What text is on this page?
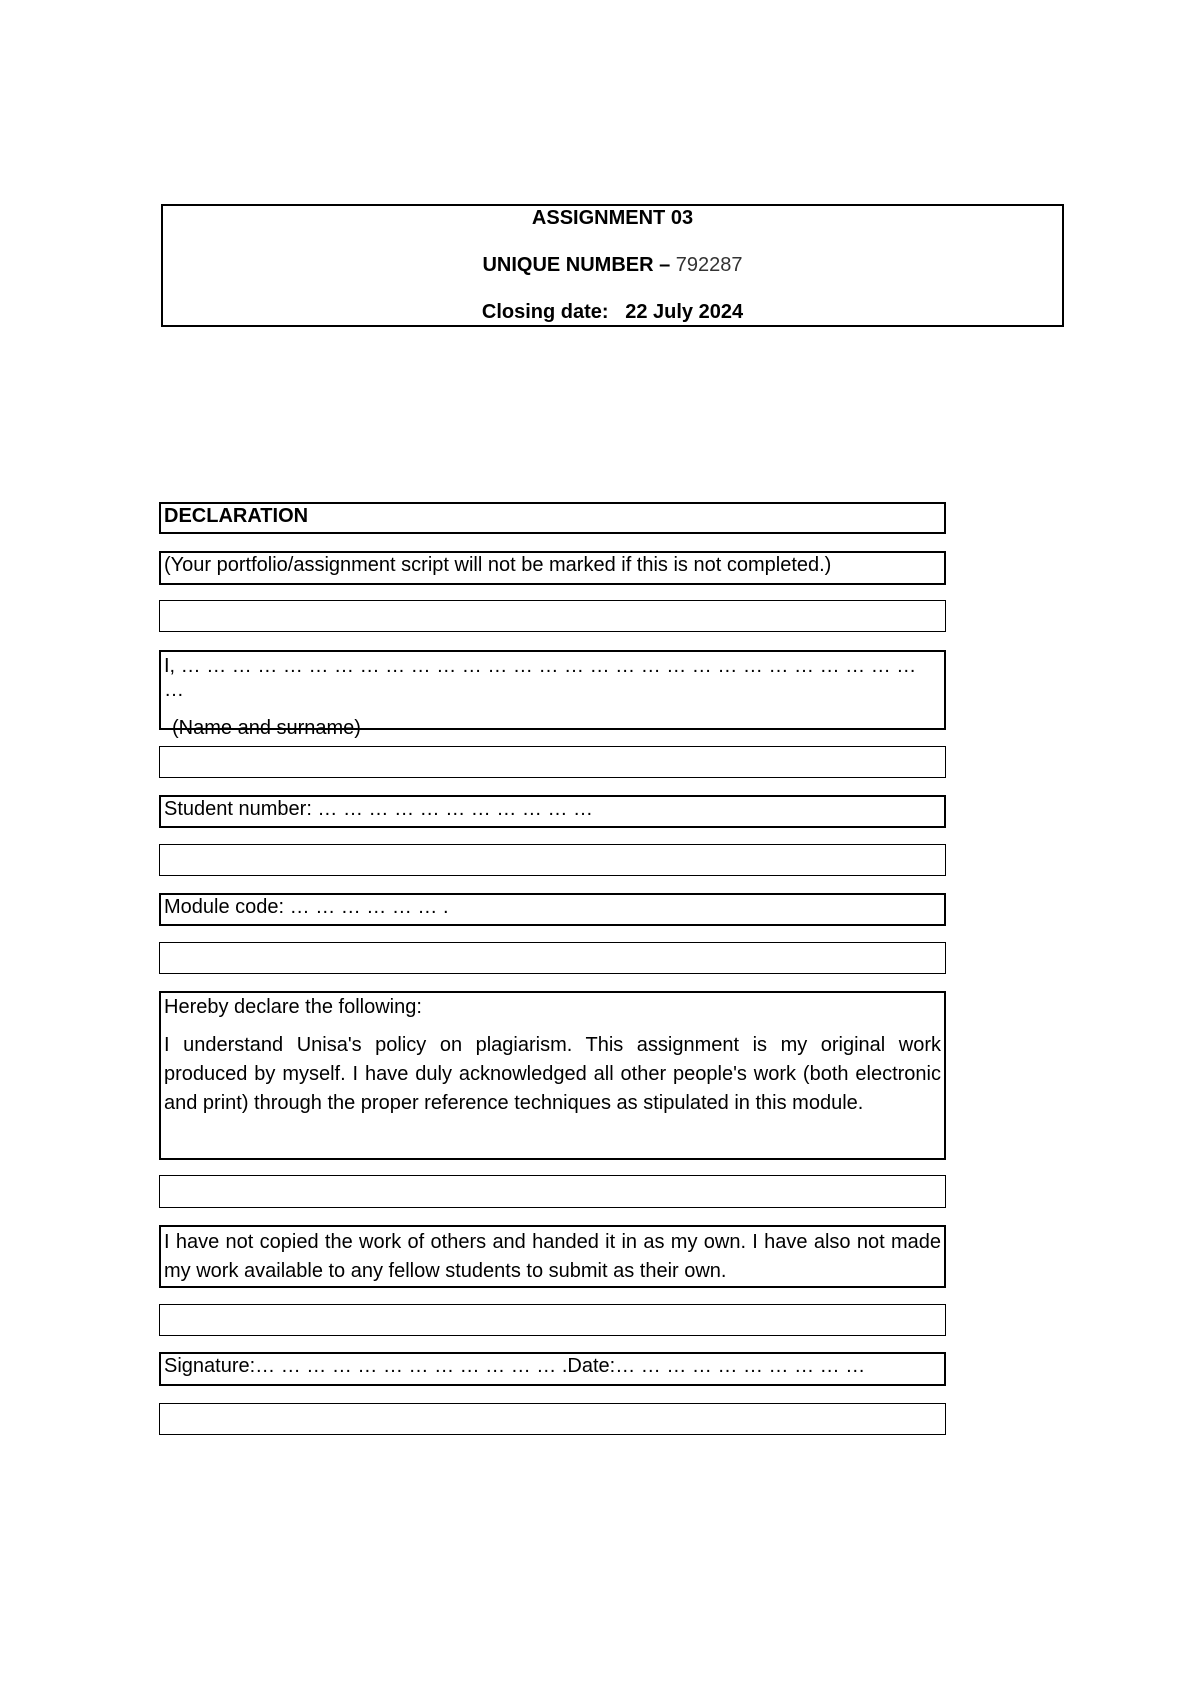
ASSIGNMENT 03
UNIQUE NUMBER – 792287
Closing date: 22 July 2024
DECLARATION
(Your portfolio/assignment script will not be marked if this is not completed.)
I, … … … … … … … … … … … … … … … … … … … … … … … … … … … … … …
(Name and surname)
Student number: … … … … … … … … … … …
Module code: … … … … … … .
Hereby declare the following:
I understand Unisa's policy on plagiarism. This assignment is my original work produced by myself. I have duly acknowledged all other people's work (both electronic and print) through the proper reference techniques as stipulated in this module.
I have not copied the work of others and handed it in as my own. I have also not made my work available to any fellow students to submit as their own.
Signature:… … … … … … … … … … … … .Date:… … … … … … … … … …
